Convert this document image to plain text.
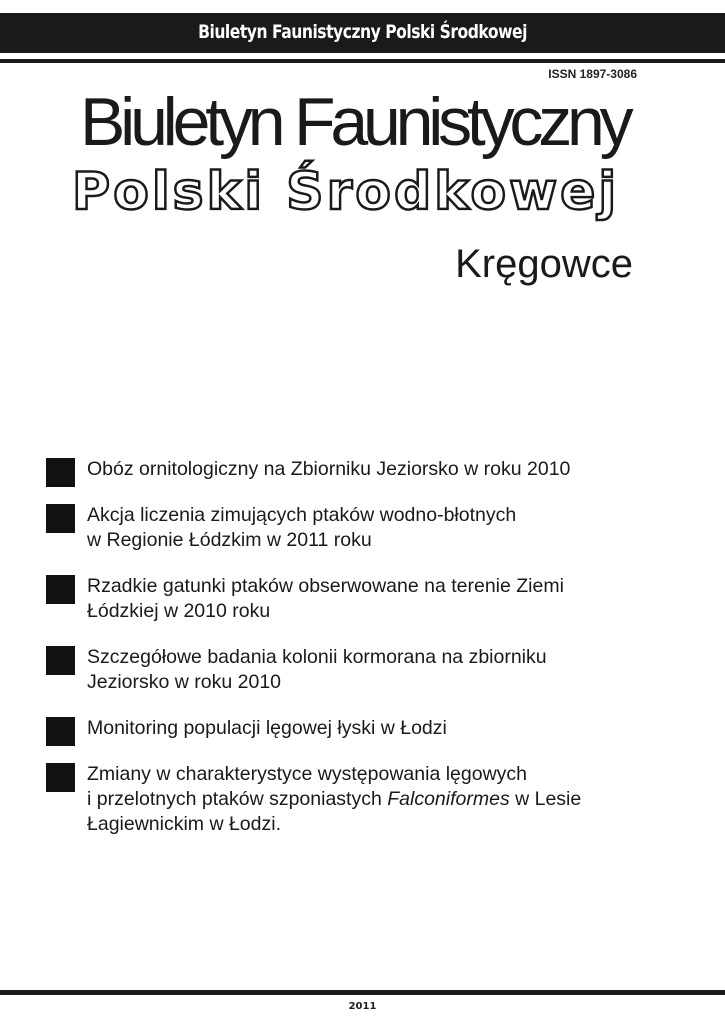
Biuletyn Faunistyczny Polski Środkowej
ISSN 1897-3086
Biuletyn Faunistyczny
Polski Środkowej
Kręgowce
Obóz ornitologiczny na Zbiorniku Jeziorsko w roku 2010
Akcja liczenia zimujących ptaków wodno-błotnych
w Regionie Łódzkim w 2011 roku
Rzadkie gatunki ptaków obserwowane na terenie Ziemi
Łódzkiej w 2010 roku
Szczegółowe badania kolonii kormorana na zbiorniku
Jeziorsko w roku 2010
Monitoring populacji lęgowej łyski w Łodzi
Zmiany w charakterystyce występowania lęgowych
i przelotnych ptaków szponiastych Falconiformes w Lesie
Łagiewnickim w Łodzi.
2011
